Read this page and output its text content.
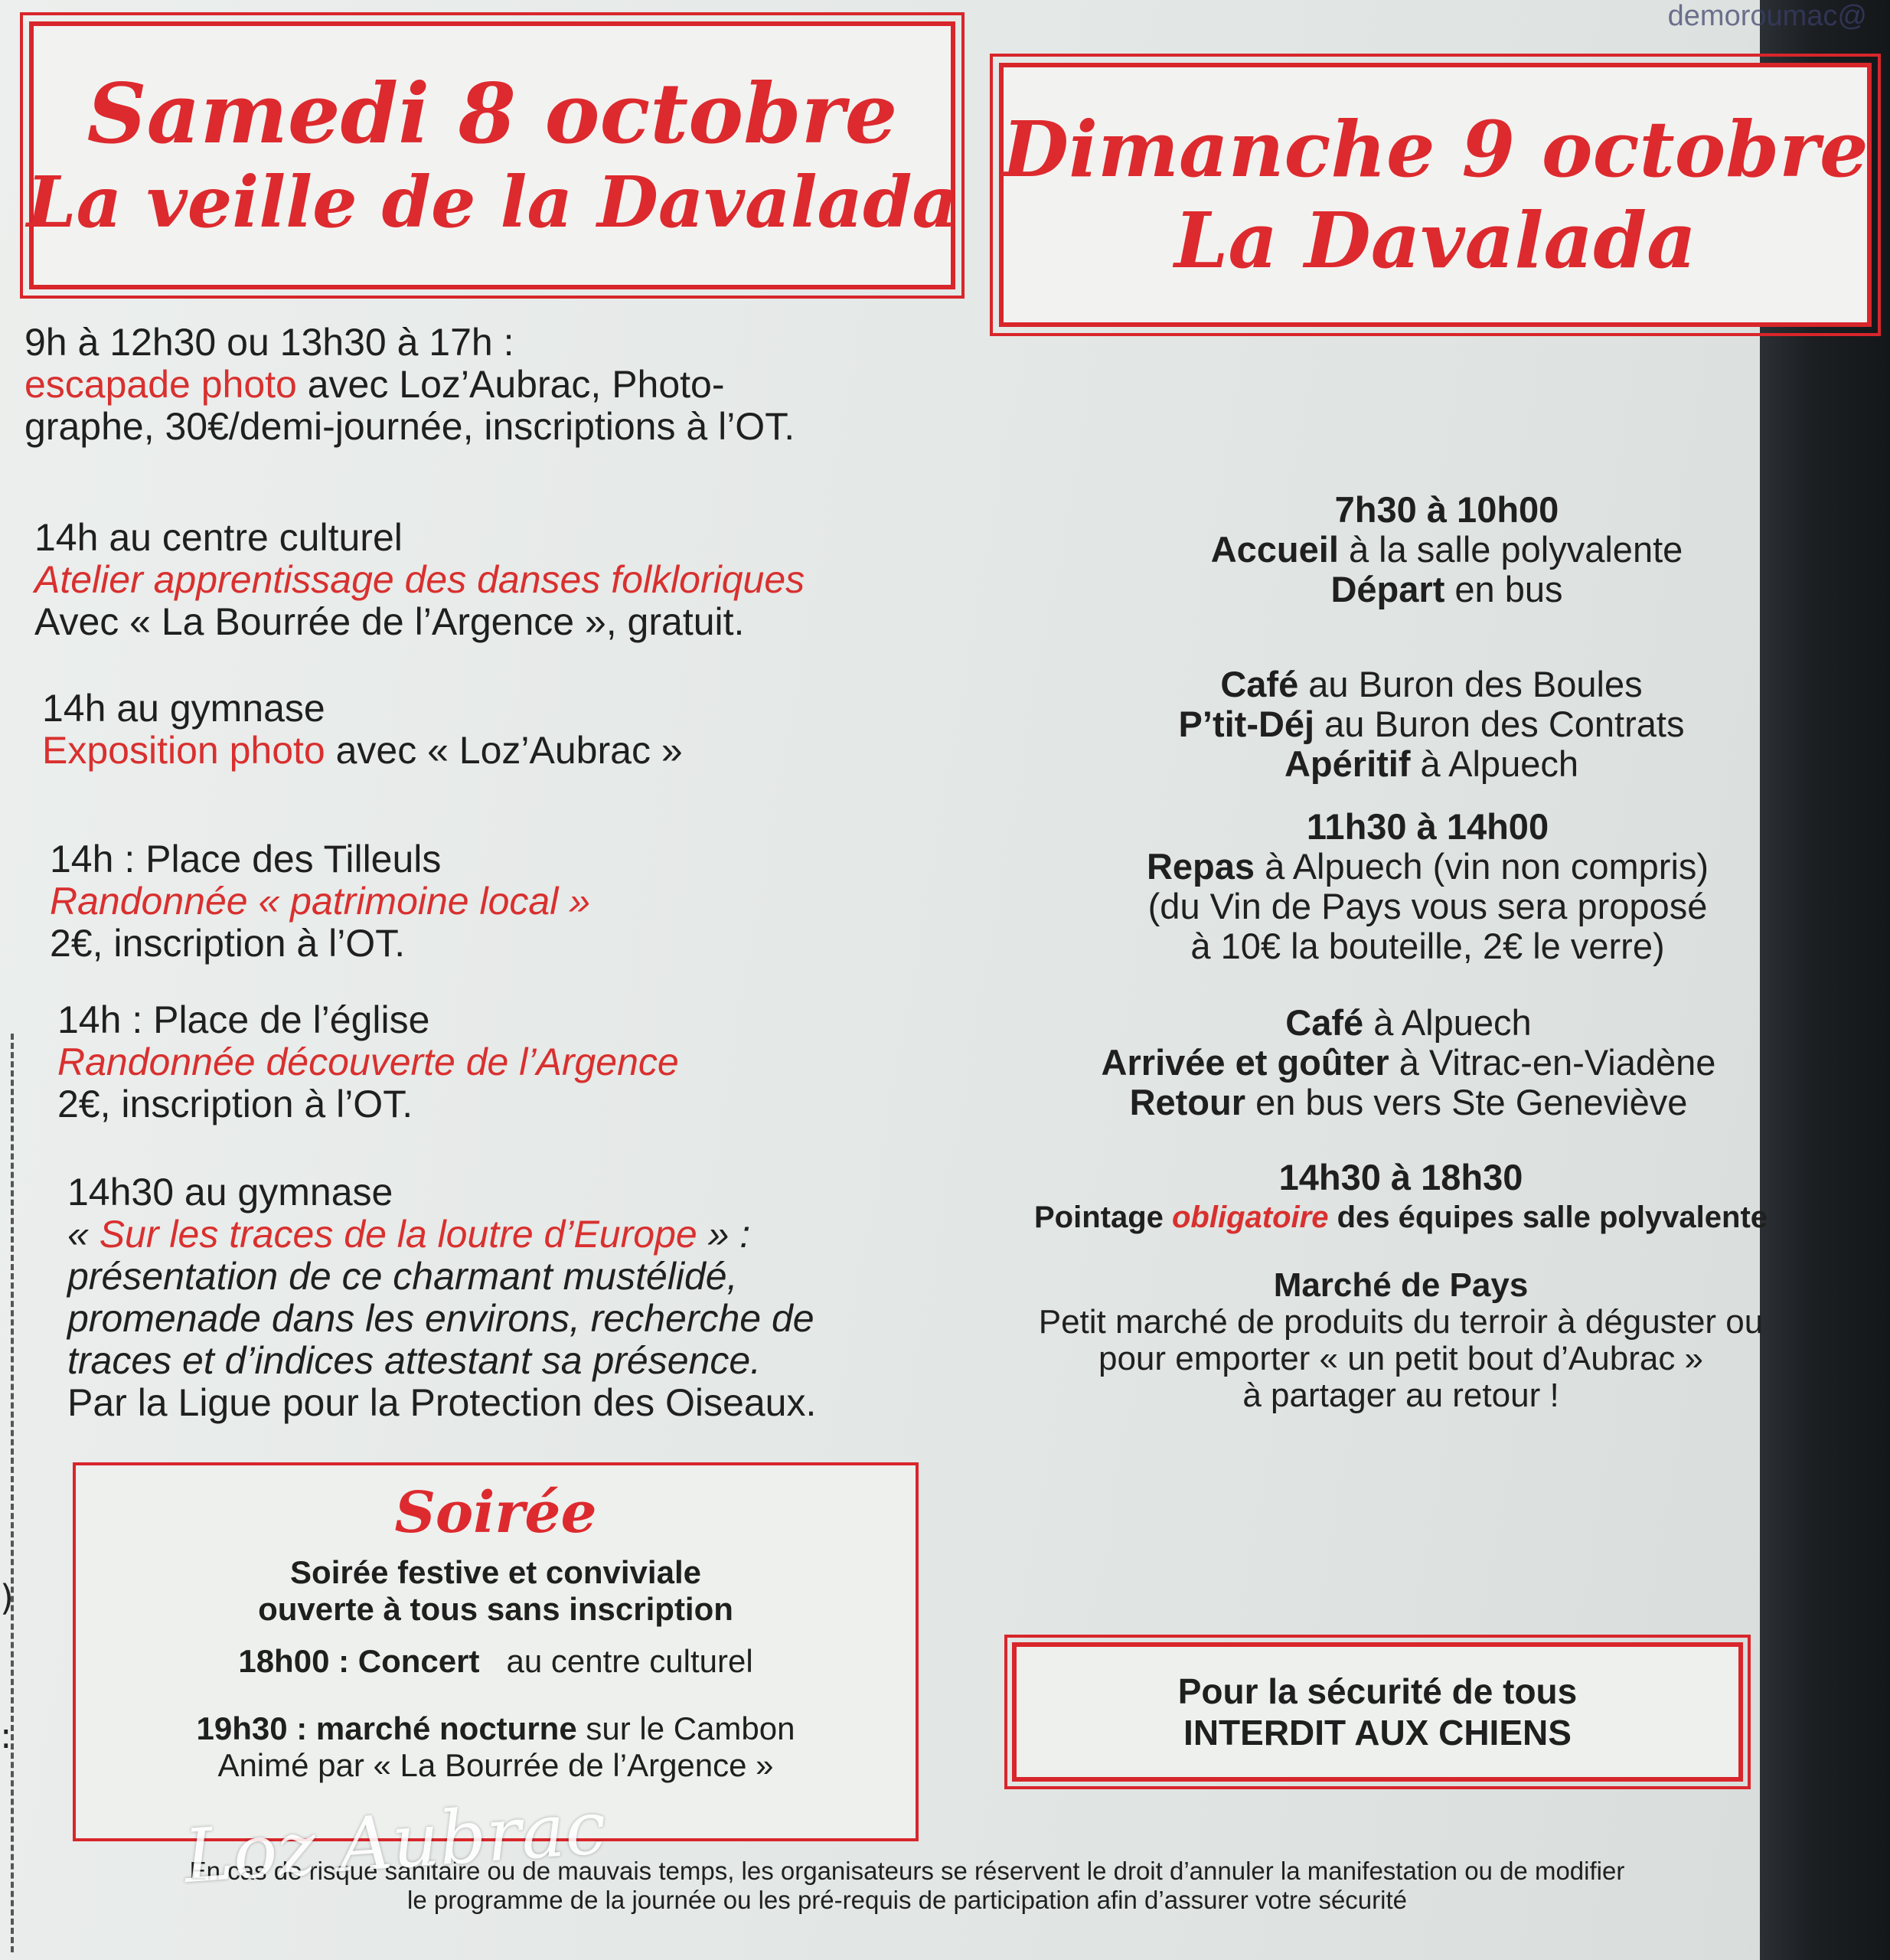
demoroumac@
)
:
Samedi 8 octobre
La veille de la Davalada
Dimanche 9 octobre
La Davalada
9h à 12h30 ou 13h30 à 17h :
escapade photo avec Loz’Aubrac, Photo-
graphe, 30€/demi-journée, inscriptions à l’OT.
14h au centre culturel
Atelier apprentissage des danses folkloriques
Avec « La Bourrée de l’Argence », gratuit.
14h au gymnase
Exposition photo avec « Loz’Aubrac »
14h : Place des Tilleuls
Randonnée « patrimoine local »
2€, inscription à l’OT.
14h : Place de l’église
Randonnée découverte de l’Argence
2€, inscription à l’OT.
14h30 au gymnase
« Sur les traces de la loutre d’Europe » :
présentation de ce charmant mustélidé,
promenade dans les environs, recherche de
traces et d’indices attestant sa présence.
Par la Ligue pour la Protection des Oiseaux.
Soirée
Soirée festive et conviviale
ouverte à tous sans inscription
18h00 : Concert au centre culturel
19h30 : marché nocturne sur le Cambon
Animé par « La Bourrée de l’Argence »
7h30 à 10h00
Accueil à la salle polyvalente
Départ en bus
Café au Buron des Boules
P’tit-Déj au Buron des Contrats
Apéritif à Alpuech
11h30 à 14h00
Repas à Alpuech (vin non compris)
(du Vin de Pays vous sera proposé
à 10€ la bouteille, 2€ le verre)
Café à Alpuech
Arrivée et goûter à Vitrac-en-Viadène
Retour en bus vers Ste Geneviève
14h30 à 18h30
Pointage obligatoire des équipes salle polyvalente
Marché de Pays
Petit marché de produits du terroir à déguster ou
pour emporter « un petit bout d’Aubrac »
à partager au retour !
Pour la sécurité de tous
INTERDIT AUX CHIENS
En cas de risque sanitaire ou de mauvais temps, les organisateurs se réservent le droit d’annuler la manifestation ou de modifier
le programme de la journée ou les pré-requis de participation afin d’assurer votre sécurité
Loz Aubrac
